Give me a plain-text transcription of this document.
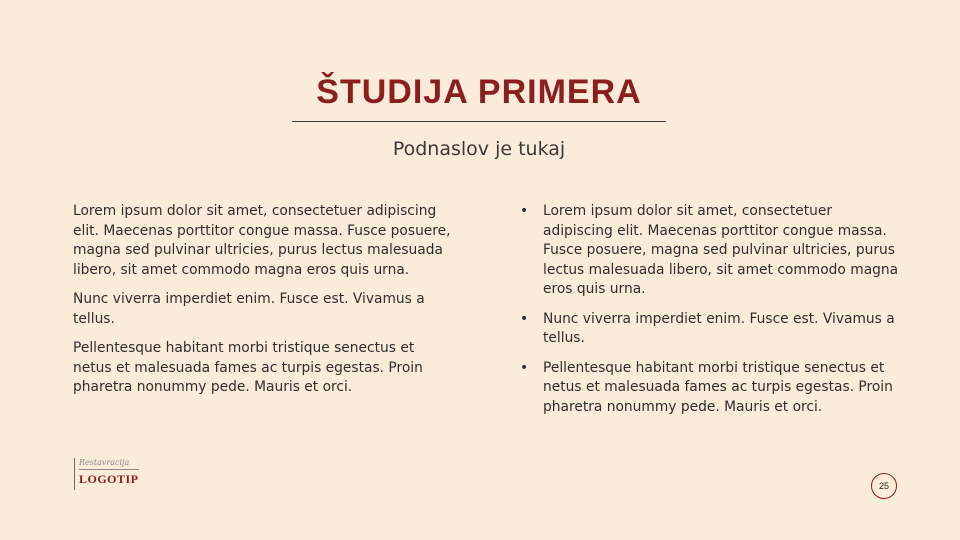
ŠTUDIJA PRIMERA
Podnaslov je tukaj

Lorem ipsum dolor sit amet, consectetuer adipiscing elit. Maecenas porttitor congue massa. Fusce posuere, magna sed pulvinar ultricies, purus lectus malesuada libero, sit amet commodo magna eros quis urna.

Nunc viverra imperdiet enim. Fusce est. Vivamus a tellus.

Pellentesque habitant morbi tristique senectus et netus et malesuada fames ac turpis egestas. Proin pharetra nonummy pede. Mauris et orci.

• Lorem ipsum dolor sit amet, consectetuer adipiscing elit. Maecenas porttitor congue massa. Fusce posuere, magna sed pulvinar ultricies, purus lectus malesuada libero, sit amet commodo magna eros quis urna.
• Nunc viverra imperdiet enim. Fusce est. Vivamus a tellus.
• Pellentesque habitant morbi tristique senectus et netus et malesuada fames ac turpis egestas. Proin pharetra nonummy pede. Mauris et orci.
Restavracija
LOGOTIP	25
